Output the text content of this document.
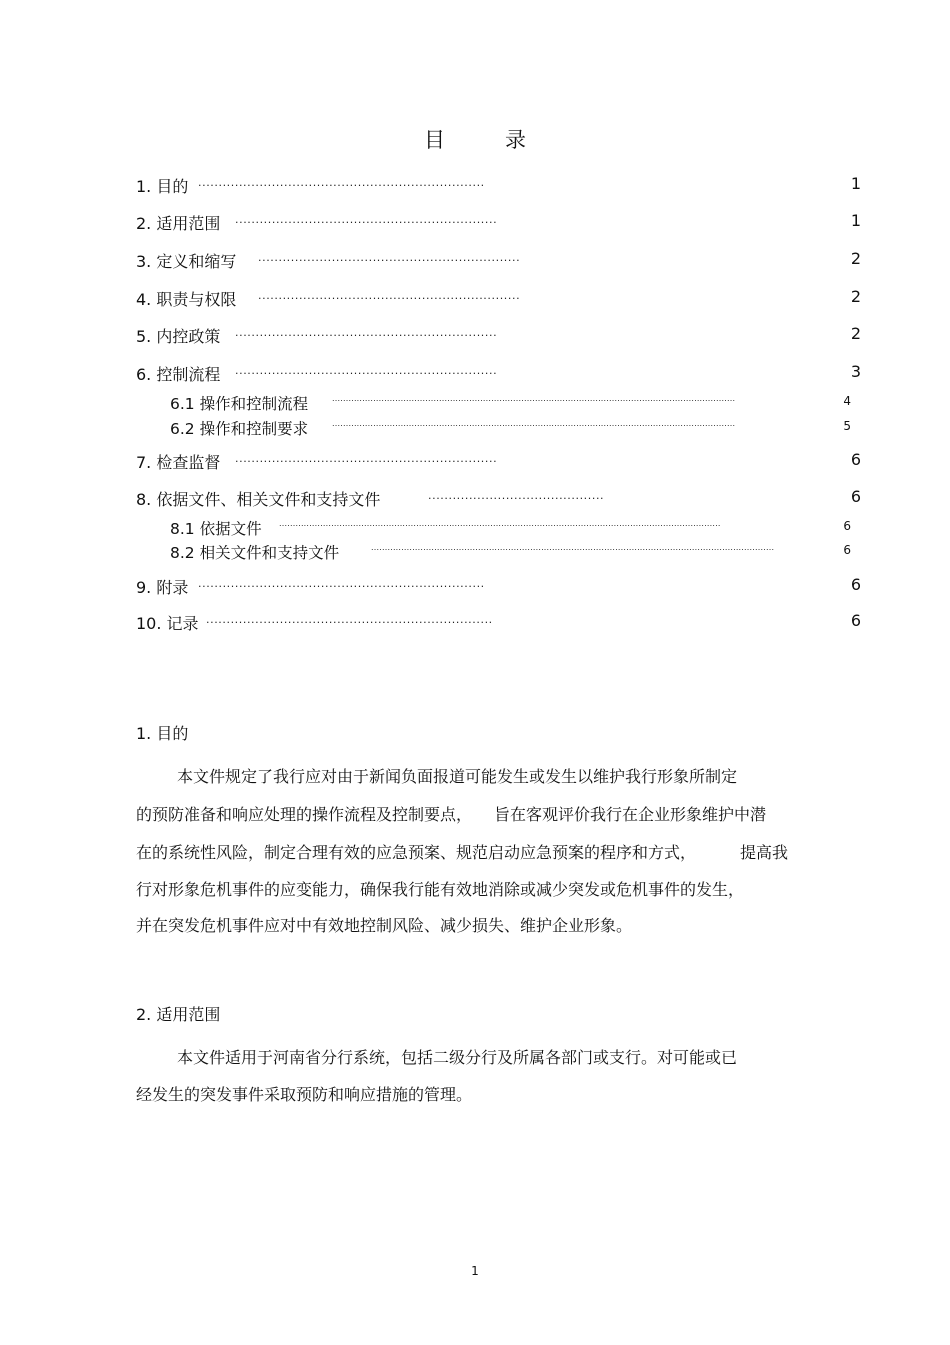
目录
1. 目的 ......................................................................	1
2. 适用范围 ................................................................	1
3. 定义和缩写 ................................................................	2
4. 职责与权限 ................................................................	2
5. 内控政策 ................................................................	2
6. 控制流程 ................................................................	3
6.1 操作和控制流程	...................................................................................................................................................	4
6.2 操作和控制要求	...................................................................................................................................................	5
7. 检查监督 ................................................................	6
8. 依据文件、相关文件和支持文件	...........................................	6
8.1 依据文件 .................................................................................................................................................................	6
8.2 相关文件和支持文件	...................................................................................................................................................	6
9. 附录 ......................................................................	6
10. 记录 ......................................................................	6
1. 目的
本文件规定了我行应对由于新闻负面报道可能发生或发生以维护我行形象所制定
的预防准备和响应处理的操作流程及控制要点， 旨在客观评价我行在企业形象维护中潜
在的系统性风险，制定合理有效的应急预案、规范启动应急预案的程序和方式，	提高我
行对形象危机事件的应变能力，确保我行能有效地消除或减少突发或危机事件的发生，
并在突发危机事件应对中有效地控制风险、减少损失、维护企业形象。
2. 适用范围
本文件适用于河南省分行系统，包括二级分行及所属各部门或支行。对可能或已
经发生的突发事件采取预防和响应措施的管理。
1
